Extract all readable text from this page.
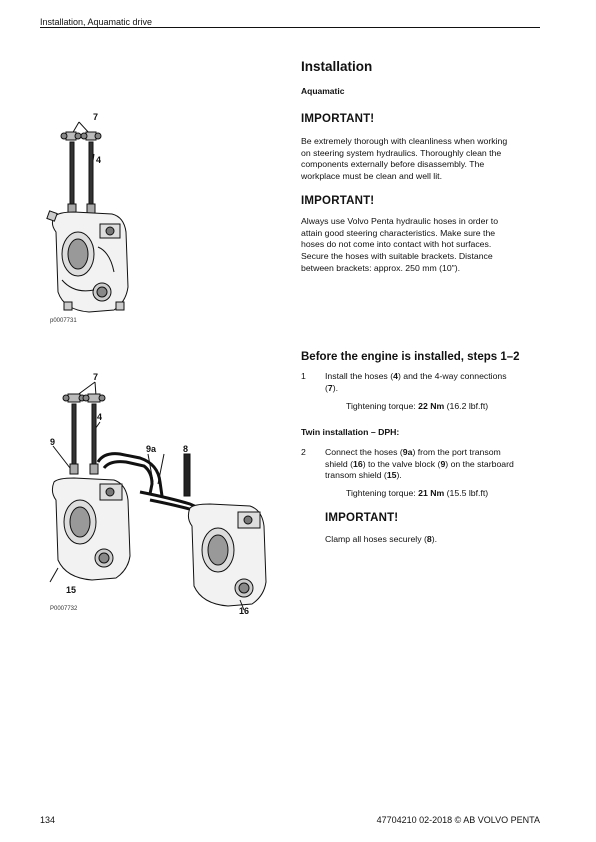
Installation, Aquamatic drive
Installation
Aquamatic
IMPORTANT!
Be extremely thorough with cleanliness when working
on steering system hydraulics. Thoroughly clean the
components externally before disassembly. The
workplace must be clean and well lit.
IMPORTANT!
Always use Volvo Penta hydraulic hoses in order to
attain good steering characteristics. Make sure the
hoses do not come into contact with hot surfaces.
Secure the hoses with suitable brackets. Distance
between brackets: approx. 250 mm (10").
Before the engine is installed, steps 1–2
1 Install the hoses (4) and the 4-way connections
(7).
Tightening torque: 22 Nm (16.2 lbf.ft)
Twin installation – DPH:
2 Connect the hoses (9a) from the port transom
shield (16) to the valve block (9) on the starboard
transom shield (15).
Tightening torque: 21 Nm (15.5 lbf.ft)
IMPORTANT!
Clamp all hoses securely (8).
7
4
p0007731
7
4
9
9a	8
15
16
P0007732
134	47704210 02-2018 © AB VOLVO PENTA
